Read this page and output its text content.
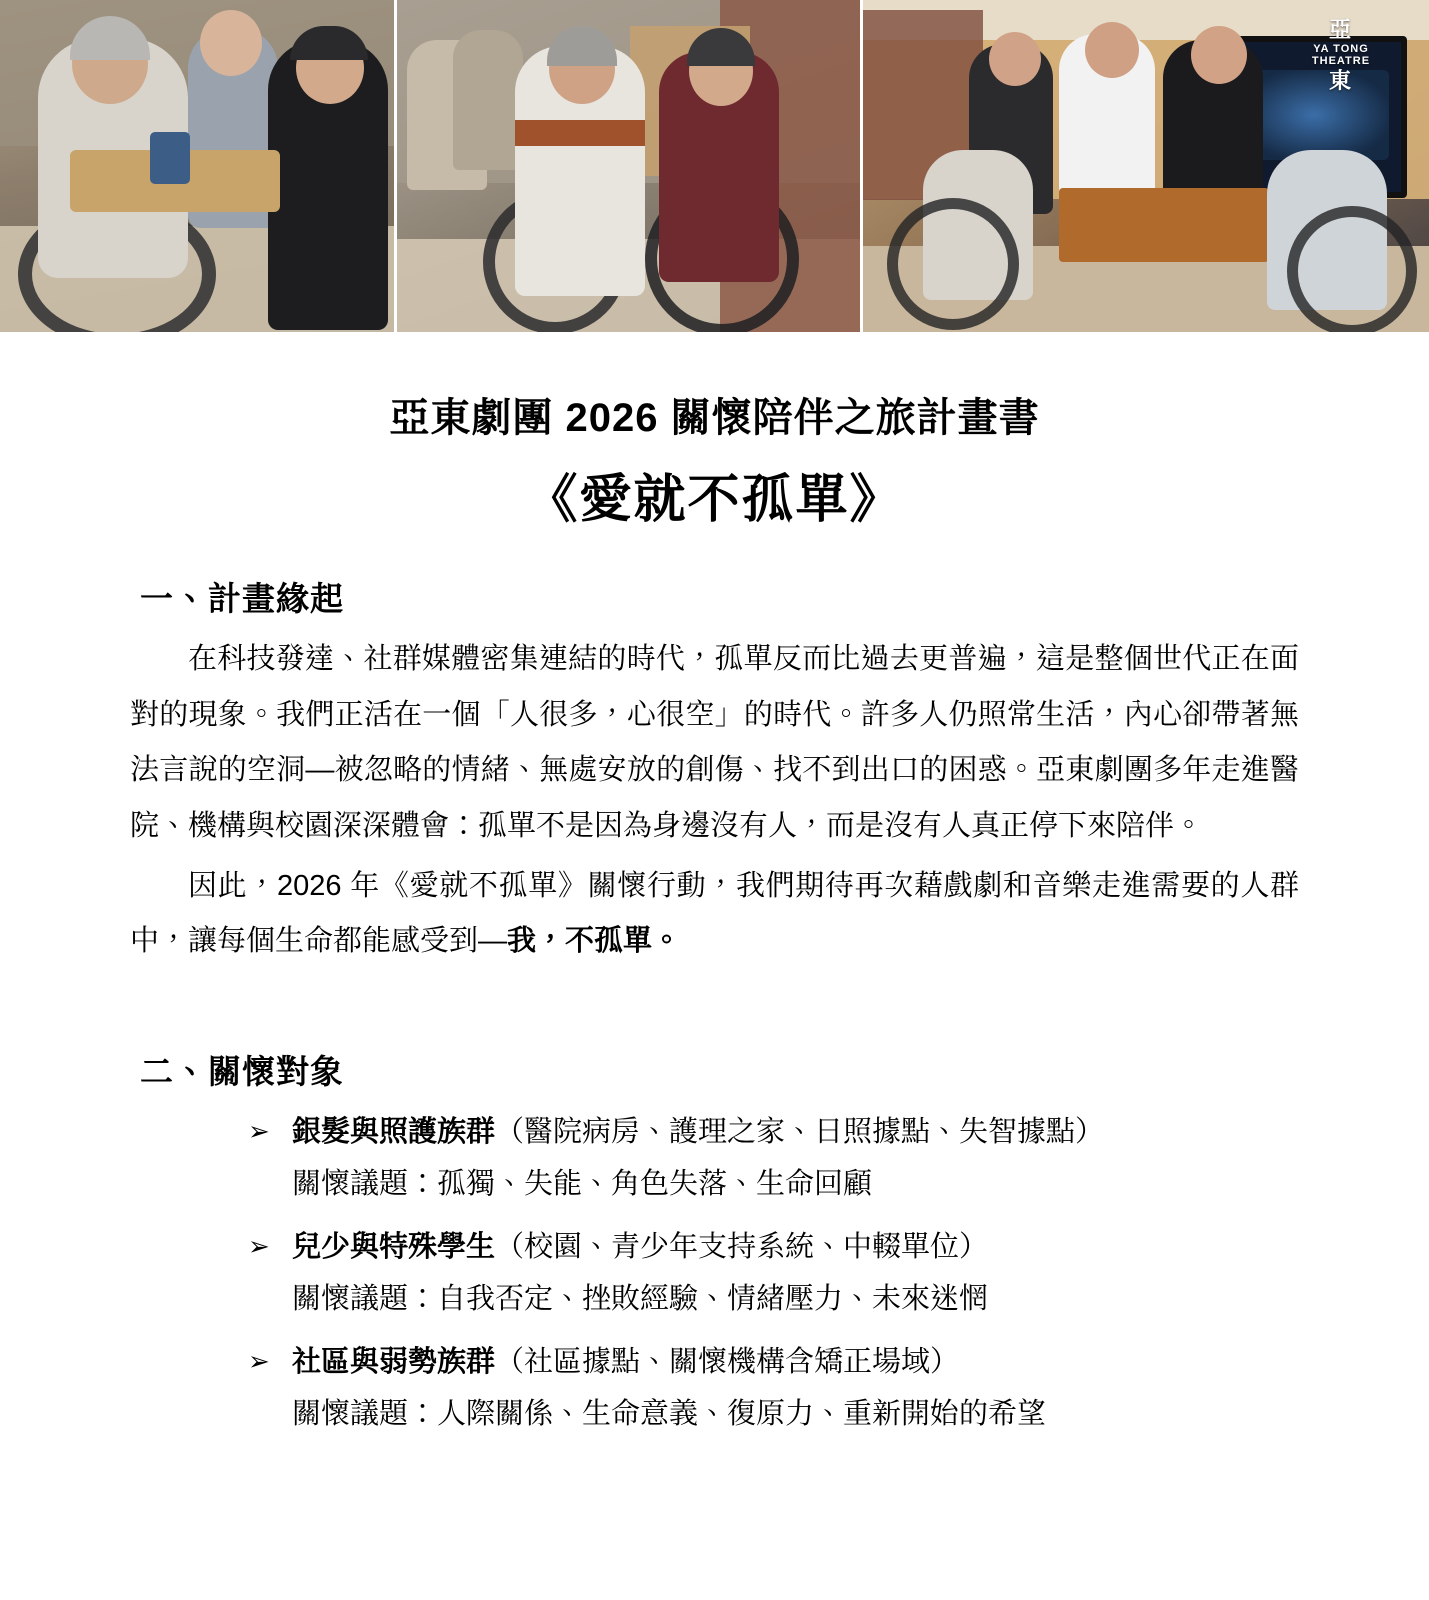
亞
YA TONG THEATRE
東
亞東劇團 2026 關懷陪伴之旅計畫書
《愛就不孤單》
一、計畫緣起

在科技發達、社群媒體密集連結的時代，孤單反而比過去更普遍，這是整個世代正在面對的現象。我們正活在一個「人很多，心很空」的時代。許多人仍照常生活，內心卻帶著無法言說的空洞—被忽略的情緒、無處安放的創傷、找不到出口的困惑。亞東劇團多年走進醫院、機構與校園深深體會：孤單不是因為身邊沒有人，而是沒有人真正停下來陪伴。

因此，2026 年《愛就不孤單》關懷行動，我們期待再次藉戲劇和音樂走進需要的人群中，讓每個生命都能感受到—我，不孤單。

二、關懷對象
➢ 銀髮與照護族群（醫院病房、護理之家、日照據點、失智據點）
關懷議題：孤獨、失能、角色失落、生命回顧
➢ 兒少與特殊學生（校園、青少年支持系統、中輟單位）
關懷議題：自我否定、挫敗經驗、情緒壓力、未來迷惘
➢ 社區與弱勢族群（社區據點、關懷機構含矯正場域）
關懷議題：人際關係、生命意義、復原力、重新開始的希望
